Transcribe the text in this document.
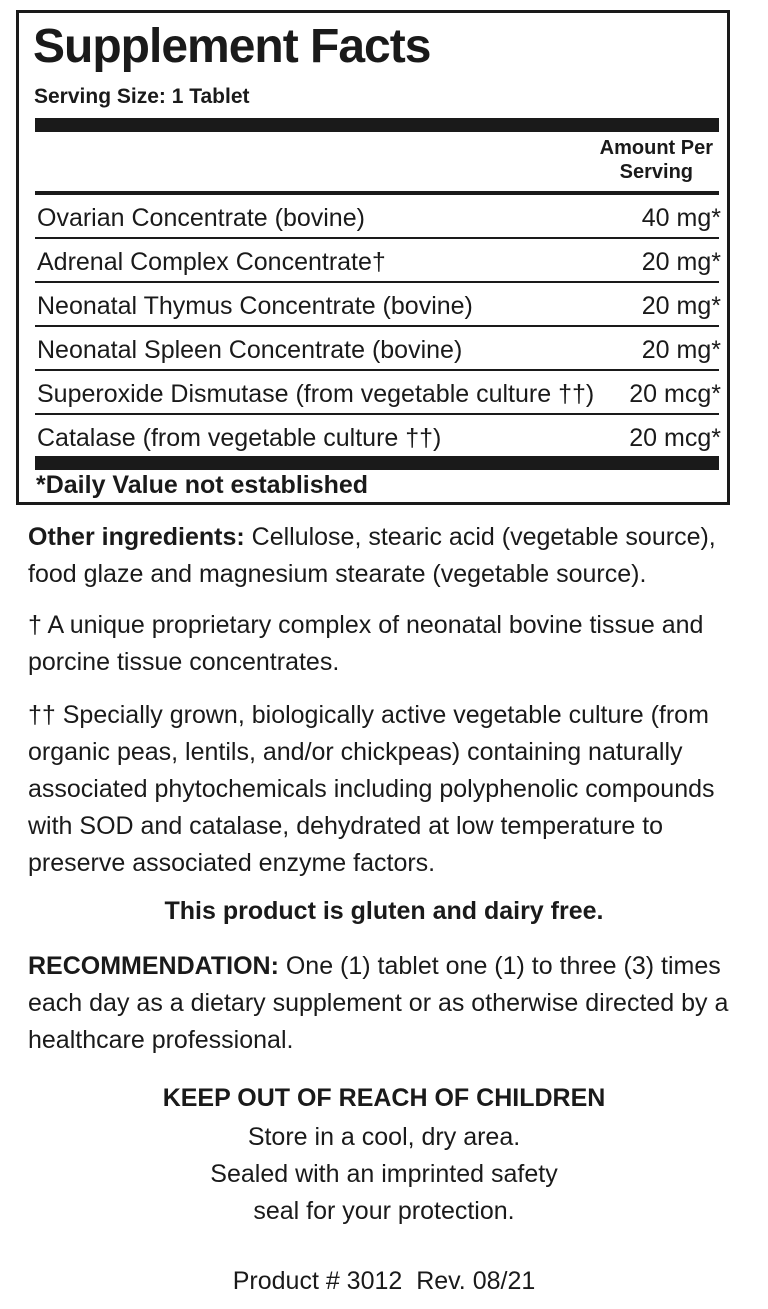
Supplement Facts
Serving Size: 1 Tablet
Amount Per
Serving
Ovarian Concentrate (bovine)	40 mg*
Adrenal Complex Concentrate†	20 mg*
Neonatal Thymus Concentrate (bovine)	20 mg*
Neonatal Spleen Concentrate (bovine)	20 mg*
Superoxide Dismutase (from vegetable culture ††) 20 mcg*
Catalase (from vegetable culture ††)	20 mcg*
*Daily Value not established

Other ingredients: Cellulose, stearic acid (vegetable source), food glaze and magnesium stearate (vegetable source).

† A unique proprietary complex of neonatal bovine tissue and porcine tissue concentrates.

†† Specially grown, biologically active vegetable culture (from organic peas, lentils, and/or chickpeas) containing naturally associated phytochemicals including polyphenolic compounds with SOD and catalase, dehydrated at low temperature to preserve associated enzyme factors.

This product is gluten and dairy free.

RECOMMENDATION: One (1) tablet one (1) to three (3) times each day as a dietary supplement or as otherwise directed by a healthcare professional.

KEEP OUT OF REACH OF CHILDREN
Store in a cool, dry area.
Sealed with an imprinted safety
seal for your protection.
Product # 3012  Rev. 08/21
